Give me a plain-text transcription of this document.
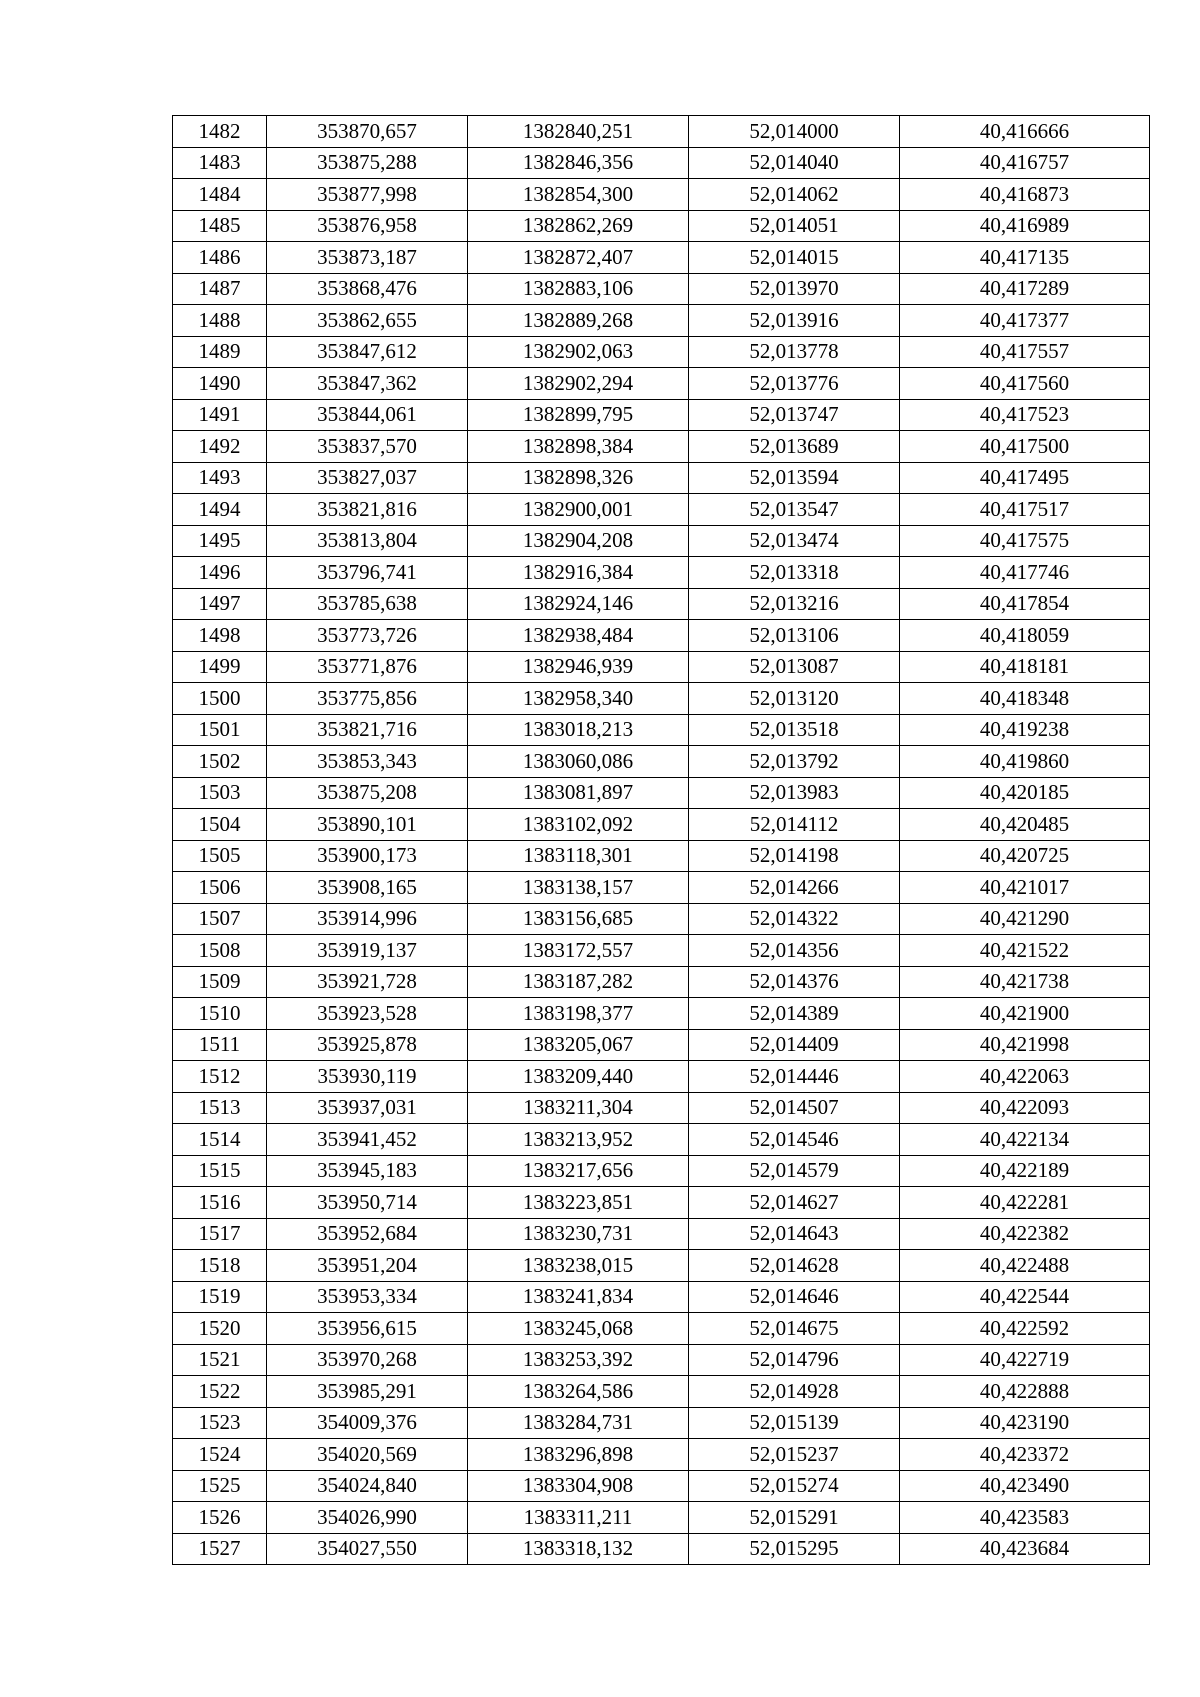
1482	353870,657	1382840,251	52,014000	40,416666
1483	353875,288	1382846,356	52,014040	40,416757
1484	353877,998	1382854,300	52,014062	40,416873
1485	353876,958	1382862,269	52,014051	40,416989
1486	353873,187	1382872,407	52,014015	40,417135
1487	353868,476	1382883,106	52,013970	40,417289
1488	353862,655	1382889,268	52,013916	40,417377
1489	353847,612	1382902,063	52,013778	40,417557
1490	353847,362	1382902,294	52,013776	40,417560
1491	353844,061	1382899,795	52,013747	40,417523
1492	353837,570	1382898,384	52,013689	40,417500
1493	353827,037	1382898,326	52,013594	40,417495
1494	353821,816	1382900,001	52,013547	40,417517
1495	353813,804	1382904,208	52,013474	40,417575
1496	353796,741	1382916,384	52,013318	40,417746
1497	353785,638	1382924,146	52,013216	40,417854
1498	353773,726	1382938,484	52,013106	40,418059
1499	353771,876	1382946,939	52,013087	40,418181
1500	353775,856	1382958,340	52,013120	40,418348
1501	353821,716	1383018,213	52,013518	40,419238
1502	353853,343	1383060,086	52,013792	40,419860
1503	353875,208	1383081,897	52,013983	40,420185
1504	353890,101	1383102,092	52,014112	40,420485
1505	353900,173	1383118,301	52,014198	40,420725
1506	353908,165	1383138,157	52,014266	40,421017
1507	353914,996	1383156,685	52,014322	40,421290
1508	353919,137	1383172,557	52,014356	40,421522
1509	353921,728	1383187,282	52,014376	40,421738
1510	353923,528	1383198,377	52,014389	40,421900
1511	353925,878	1383205,067	52,014409	40,421998
1512	353930,119	1383209,440	52,014446	40,422063
1513	353937,031	1383211,304	52,014507	40,422093
1514	353941,452	1383213,952	52,014546	40,422134
1515	353945,183	1383217,656	52,014579	40,422189
1516	353950,714	1383223,851	52,014627	40,422281
1517	353952,684	1383230,731	52,014643	40,422382
1518	353951,204	1383238,015	52,014628	40,422488
1519	353953,334	1383241,834	52,014646	40,422544
1520	353956,615	1383245,068	52,014675	40,422592
1521	353970,268	1383253,392	52,014796	40,422719
1522	353985,291	1383264,586	52,014928	40,422888
1523	354009,376	1383284,731	52,015139	40,423190
1524	354020,569	1383296,898	52,015237	40,423372
1525	354024,840	1383304,908	52,015274	40,423490
1526	354026,990	1383311,211	52,015291	40,423583
1527	354027,550	1383318,132	52,015295	40,423684
